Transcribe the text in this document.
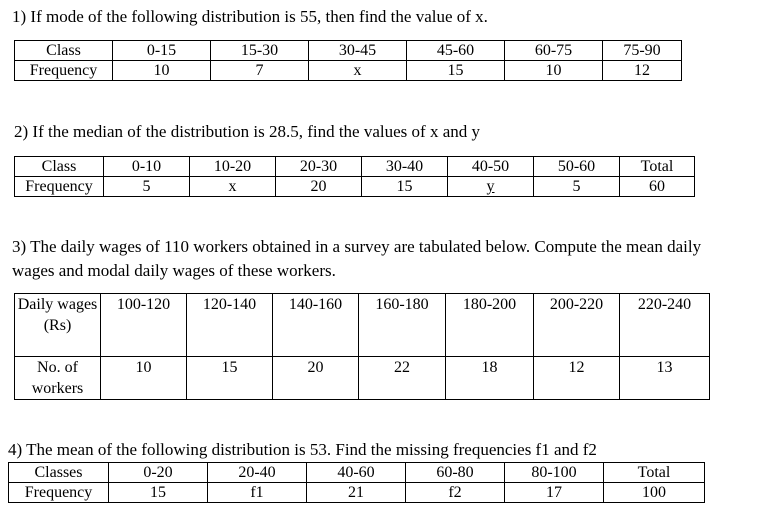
1) If mode of the following distribution is 55, then find the value of x.
Class	0-15	15-30	30-45	45-60	60-75	75-90
Frequency	10	7	x	15	10	12
2) If the median of the distribution is 28.5, find the values of x and y
Class	0-10	10-20	20-30	30-40	40-50	50-60	Total
Frequency	5	x	20	15	y	5	60
3) The daily wages of 110 workers obtained in a survey are tabulated below. Compute the mean daily
wages and modal daily wages of these workers.
Daily wages (Rs)	100-120	120-140	140-160	160-180	180-200	200-220	220-240
No. of workers	10	15	20	22	18	12	13
4) The mean of the following distribution is 53. Find the missing frequencies f1 and f2
Classes	0-20	20-40	40-60	60-80	80-100	Total
Frequency	15	f1	21	f2	17	100
